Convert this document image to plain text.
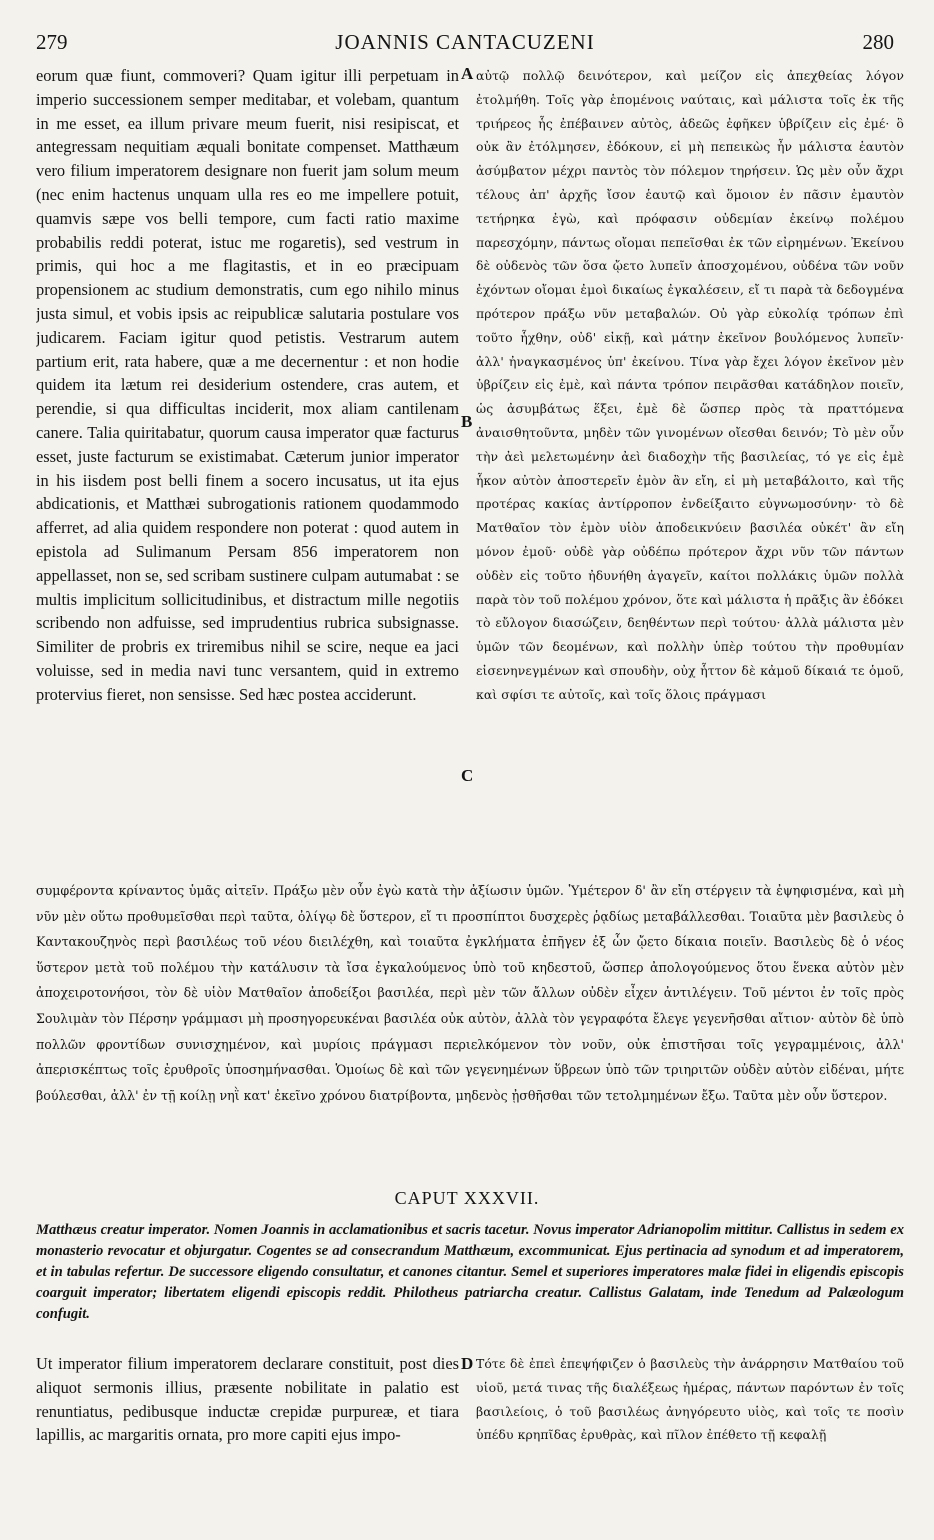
279	JOANNIS CANTACUZENI	280

eorum quæ fiunt, commoveri? Quam igitur illi perpetuam in imperio successionem semper meditabar, et volebam, quantum in me esset, ea illum privare meum fuerit, nisi resipiscat, et antegressam nequitiam æquali bonitate compenset. Matthæum vero filium imperatorem designare non fuerit jam solum meum (nec enim hactenus unquam ulla res eo me impellere potuit, quamvis sæpe vos belli tempore, cum facti ratio maxime probabilis reddi poterat, istuc me rogaretis), sed vestrum in primis, qui hoc a me flagitastis, et in eo præcipuam propensionem ac studium demonstratis, cum ego nihilo minus justa simul, et vobis ipsis ac reipublicæ salutaria postulare vos judicarem. Faciam igitur quod petistis. Vestrarum autem partium erit, rata habere, quæ a me decernentur : et non hodie quidem ita lætum rei desiderium ostendere, cras autem, et perendie, si qua difficultas inciderit, mox aliam cantilenam canere. Talia quiritabatur, quorum causa imperator quæ facturus esset, juste facturum se existimabat. Cæterum junior imperator in his iisdem post belli finem a socero incusatus, ut ita ejus abdicationis, et Matthæi subrogationis rationem quodammodo afferret, ad alia quidem respondere non poterat : quod autem in epistola ad Sulimanum Persam 856 imperatorem non appellasset, non se, sed scribam sustinere culpam autumabat : se multis implicitum sollicitudinibus, et distractum mille negotiis scribendo non adfuisse, sed imprudentius rubrica subsignasse. Similiter de probris ex triremibus nihil se scire, neque ea jaci voluisse, sed in media navi tunc versantem, quid in extremo protervius fieret, non sensisse. Sed hæc postea acciderunt.

A
B
C

αὐτῷ πολλῷ δεινότερον, καὶ μείζον εἰς ἀπεχθείας λόγον ἐτολμήθη. Τοῖς γὰρ ἑπομένοις ναύταις, καὶ μάλιστα τοῖς ἐκ τῆς τριήρεος ἧς ἐπέβαινεν αὐτὸς, ἀδεῶς ἐφῆκεν ὑβρίζειν εἰς ἐμέ· ὃ οὐκ ἂν ἐτόλμησεν, ἐδόκουν, εἰ μὴ πεπεικὼς ἦν μάλιστα ἑαυτὸν ἀσύμβατον μέχρι παντὸς τὸν πόλεμον τηρήσειν. Ὡς μὲν οὖν ἄχρι τέλους ἀπ' ἀρχῆς ἴσον ἑαυτῷ καὶ ὅμοιον ἐν πᾶσιν ἐμαυτὸν τετήρηκα ἐγὼ, καὶ πρόφασιν οὐδεμίαν ἐκείνῳ πολέμου παρεσχόμην, πάντως οἴομαι πεπεῖσθαι ἐκ τῶν εἰρημένων. Ἐκείνου δὲ οὐδενὸς τῶν ὅσα ᾤετο λυπεῖν ἀποσχομένου, οὐδένα τῶν νοῦν ἐχόντων οἴομαι ἐμοὶ δικαίως ἐγκαλέσειν, εἴ τι παρὰ τὰ δεδογμένα πρότερον πράξω νῦν μεταβαλών. Οὐ γὰρ εὐκολίᾳ τρόπων ἐπὶ τοῦτο ἧχθην, οὐδ' εἰκῇ, καὶ μάτην ἐκεῖνον βουλόμενος λυπεῖν· ἀλλ' ἠναγκασμένος ὑπ' ἐκείνου. Τίνα γὰρ ἔχει λόγον ἐκεῖνον μὲν ὑβρίζειν εἰς ἐμὲ, καὶ πάντα τρόπον πειρᾶσθαι κατάδηλον ποιεῖν, ὡς ἀσυμβάτως ἕξει, ἐμὲ δὲ ὥσπερ πρὸς τὰ πραττόμενα ἀναισθητοῦντα, μηδὲν τῶν γινομένων οἴεσθαι δεινόν; Τὸ μὲν οὖν τὴν ἀεὶ μελετωμένην ἀεὶ διαδοχὴν τῆς βασιλείας, τό γε εἰς ἐμὲ ἧκον αὐτὸν ἀποστερεῖν ἐμὸν ἂν εἴη, εἰ μὴ μεταβάλοιτο, καὶ τῆς προτέρας κακίας ἀντίρροπον ἐνδείξαιτο εὐγνωμοσύνην· τὸ δὲ Ματθαῖον τὸν ἐμὸν υἱὸν ἀποδεικνύειν βασιλέα οὐκέτ' ἂν εἴη μόνον ἐμοῦ· οὐδὲ γὰρ οὐδέπω πρότερον ἄχρι νῦν τῶν πάντων οὐδὲν εἰς τοῦτο ἠδυνήθη ἀγαγεῖν, καίτοι πολλάκις ὑμῶν πολλὰ παρὰ τὸν τοῦ πολέμου χρόνον, ὅτε καὶ μάλιστα ἡ πρᾶξις ἂν ἐδόκει τὸ εὔλογον διασώζειν, δεηθέντων περὶ τούτου· ἀλλὰ μάλιστα μὲν ὑμῶν τῶν δεομένων, καὶ πολλὴν ὑπὲρ τούτου τὴν προθυμίαν εἰσενηνεγμένων καὶ σπουδὴν, οὐχ ἧττον δὲ κἀμοῦ δίκαιά τε ὁμοῦ, καὶ σφίσι τε αὐτοῖς, καὶ τοῖς ὅλοις πράγμασι

συμφέροντα κρίναντος ὑμᾶς αἰτεῖν. Πράξω μὲν οὖν ἐγὼ κατὰ τὴν ἀξίωσιν ὑμῶν. Ὑμέτερον δ' ἂν εἴη στέργειν τὰ ἐψηφισμένα, καὶ μὴ νῦν μὲν οὕτω προθυμεῖσθαι περὶ ταῦτα, ὀλίγῳ δὲ ὕστερον, εἴ τι προσπίπτοι δυσχερὲς ῥᾳδίως μεταβάλλεσθαι. Τοιαῦτα μὲν βασιλεὺς ὁ Καντακουζηνὸς περὶ βασιλέως τοῦ νέου διειλέχθη, καὶ τοιαῦτα ἐγκλήματα ἐπῆγεν ἐξ ὧν ᾤετο δίκαια ποιεῖν. Βασιλεὺς δὲ ὁ νέος ὕστερον μετὰ τοῦ πολέμου τὴν κατάλυσιν τὰ ἴσα ἐγκαλούμενος ὑπὸ τοῦ κηδεστοῦ, ὥσπερ ἀπολογούμενος ὅτου ἕνεκα αὐτὸν μὲν ἀποχειροτονήσοι, τὸν δὲ υἱὸν Ματθαῖον ἀποδείξοι βασιλέα, περὶ μὲν τῶν ἄλλων οὐδὲν εἶχεν ἀντιλέγειν. Τοῦ μέντοι ἐν τοῖς πρὸς Σουλιμὰν τὸν Πέρσην γράμμασι μὴ προσηγορευκέναι βασιλέα οὐκ αὐτὸν, ἀλλὰ τὸν γεγραφότα ἔλεγε γεγενῆσθαι αἴτιον· αὐτὸν δὲ ὑπὸ πολλῶν φροντίδων συνισχημένον, καὶ μυρίοις πράγμασι περιελκόμενον τὸν νοῦν, οὐκ ἐπιστῆσαι τοῖς γεγραμμένοις, ἀλλ' ἀπερισκέπτως τοῖς ἐρυθροῖς ὑποσημήνασθαι. Ὁμοίως δὲ καὶ τῶν γεγενημένων ὕβρεων ὑπὸ τῶν τριηριτῶν οὐδὲν αὐτὸν εἰδέναι, μήτε βούλεσθαι, ἀλλ' ἐν τῇ κοίλῃ νηῒ κατ' ἐκεῖνο χρόνου διατρίβοντα, μηδενὸς ᾐσθῆσθαι τῶν τετολμημένων ἔξω. Ταῦτα μὲν οὖν ὕστερον.

CAPUT XXXVII.
Matthæus creatur imperator. Nomen Joannis in acclamationibus et sacris tacetur. Novus imperator Adrianopolim mittitur. Callistus in sedem ex monasterio revocatur et objurgatur. Cogentes se ad consecrandum Matthæum, excommunicat. Ejus pertinacia ad synodum et ad imperatorem, et in tabulas refertur. De successore eligendo consultatur, et canones citantur. Semel et superiores imperatores malæ fidei in eligendis episcopis coarguit imperator; libertatem eligendi episcopis reddit. Philotheus patriarcha creatur. Callistus Galatam, inde Tenedum ad Palæologum confugit.

Ut imperator filium imperatorem declarare constituit, post dies aliquot sermonis illius, præsente nobilitate in palatio est renuntiatus, pedibusque inductæ crepidæ purpureæ, et tiara lapillis, ac margaritis ornata, pro more capiti ejus impo-

D Τότε δὲ ἐπεὶ ἐπεψήφιζεν ὁ βασιλεὺς τὴν ἀνάρρησιν Ματθαίου τοῦ υἱοῦ, μετά τινας τῆς διαλέξεως ἡμέρας, πάντων παρόντων ἐν τοῖς βασιλείοις, ὁ τοῦ βασιλέως ἀνηγόρευτο υἱὸς, καὶ τοῖς τε ποσὶν ὑπέδυ κρηπῖδας ἐρυθρὰς, καὶ πῖλον ἐπέθετο τῇ κεφαλῇ
